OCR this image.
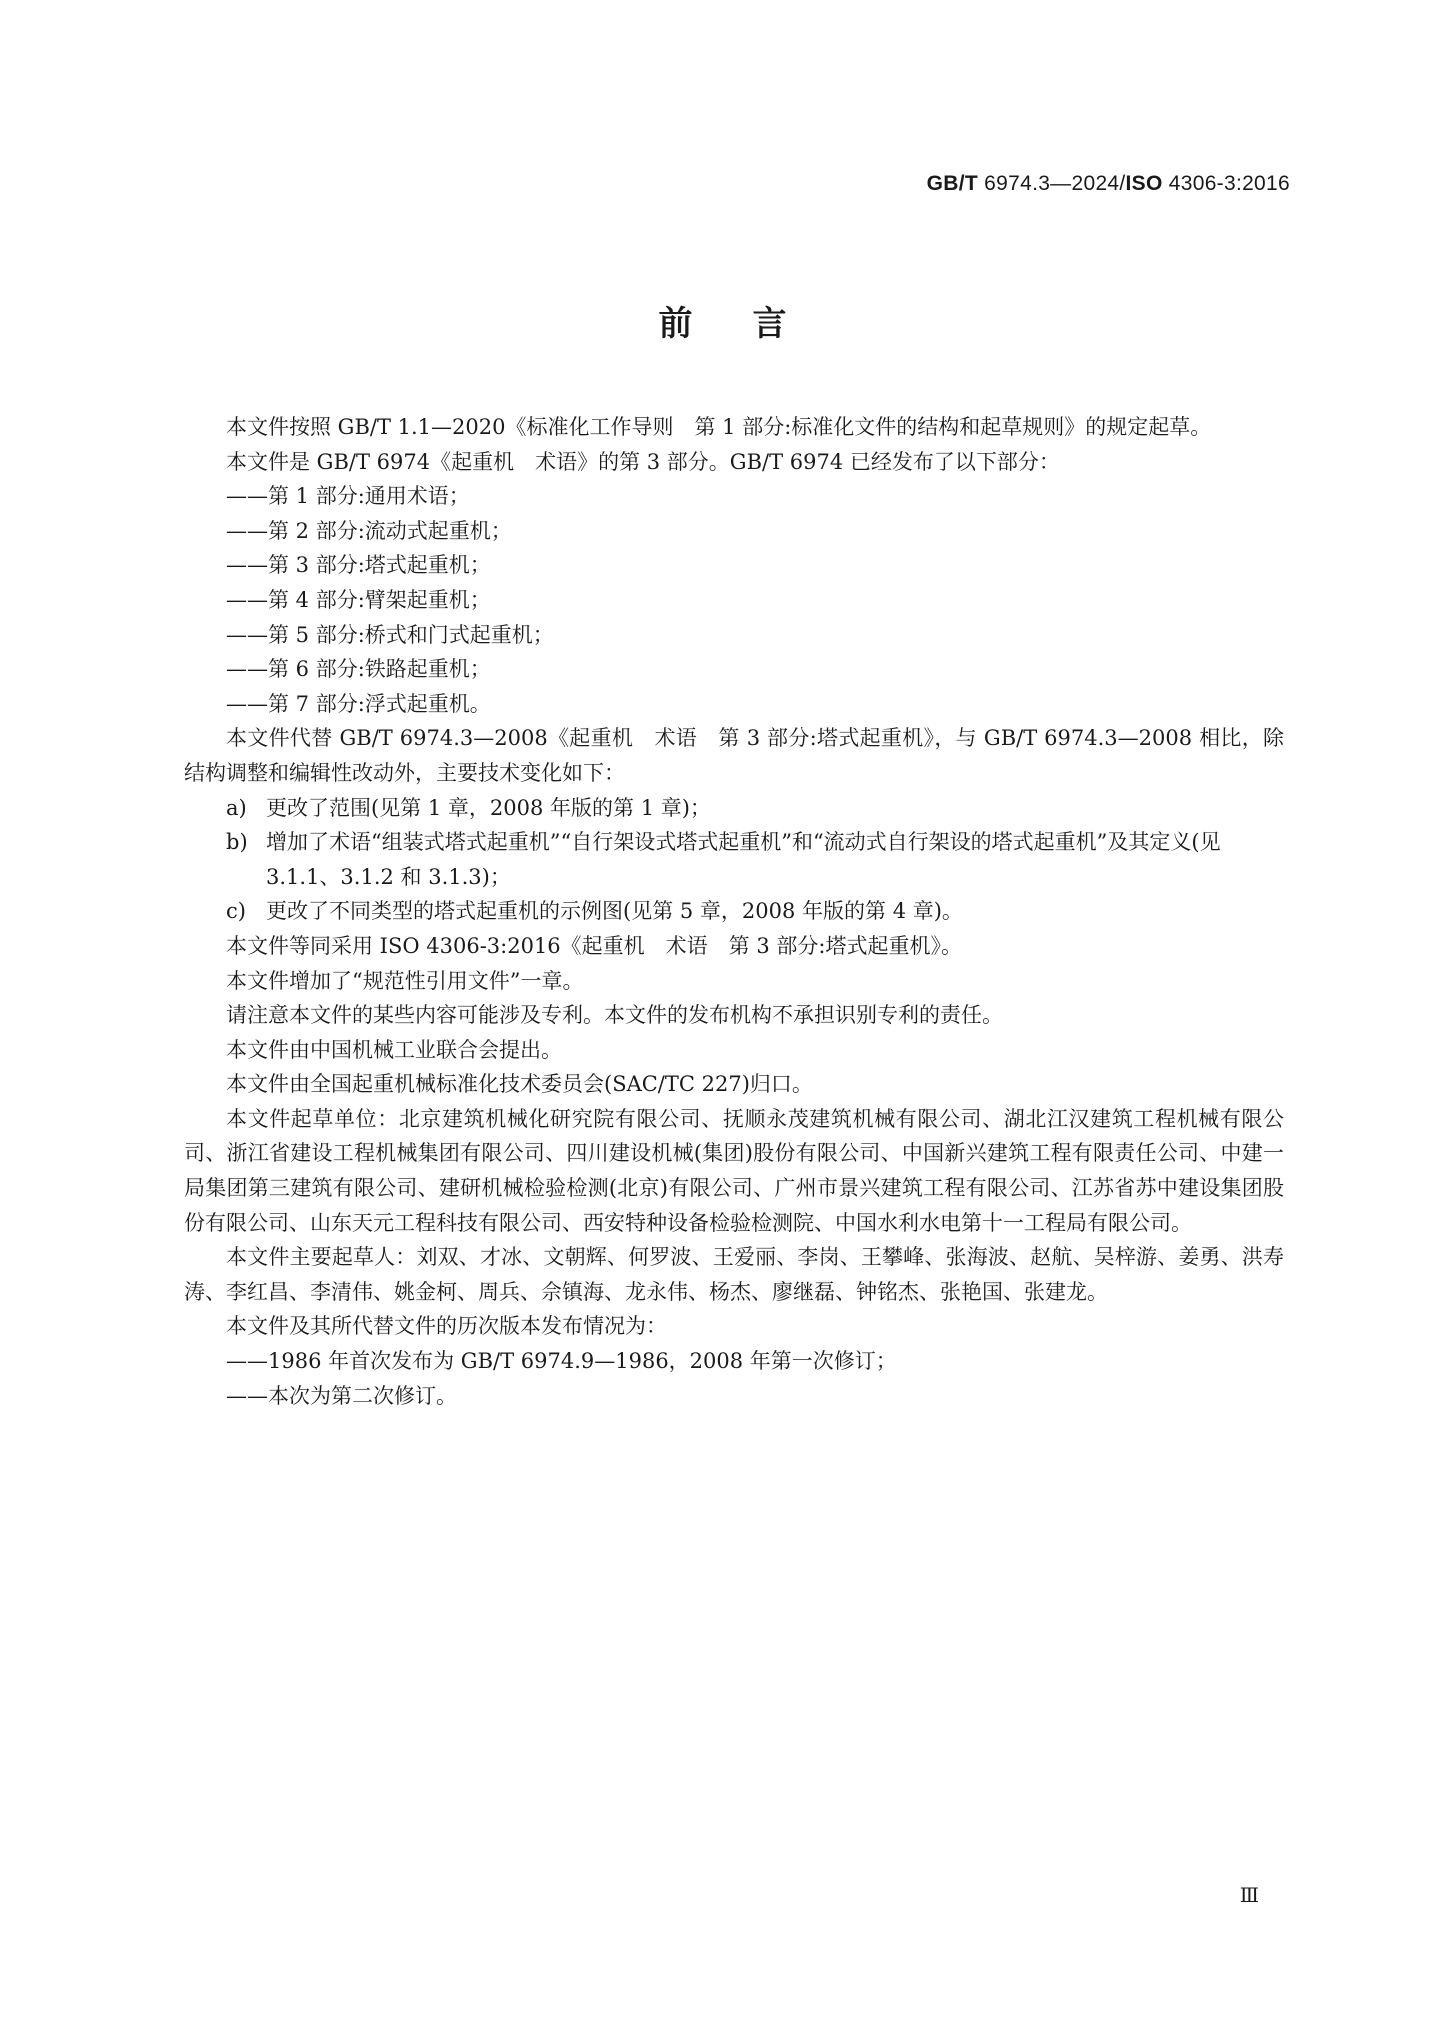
GB/T 6974.3—2024/ISO 4306-3:2016
前言

本文件按照 GB/T 1.1—2020《标准化工作导则　第 1 部分:标准化文件的结构和起草规则》的规定起草。

本文件是 GB/T 6974《起重机　术语》的第 3 部分。GB/T 6974 已经发布了以下部分：

——第 1 部分:通用术语；

——第 2 部分:流动式起重机；

——第 3 部分:塔式起重机；

——第 4 部分:臂架起重机；

——第 5 部分:桥式和门式起重机；

——第 6 部分:铁路起重机；

——第 7 部分:浮式起重机。

本文件代替 GB/T 6974.3—2008《起重机　术语　第 3 部分:塔式起重机》，与 GB/T 6974.3—2008 相比，除结构调整和编辑性改动外，主要技术变化如下：

a) 更改了范围(见第 1 章，2008 年版的第 1 章)；

b) 增加了术语“组装式塔式起重机”“自行架设式塔式起重机”和“流动式自行架设的塔式起重机”及其定义(见 3.1.1、3.1.2 和 3.1.3)；

c) 更改了不同类型的塔式起重机的示例图(见第 5 章，2008 年版的第 4 章)。

本文件等同采用 ISO 4306-3:2016《起重机　术语　第 3 部分:塔式起重机》。

本文件增加了“规范性引用文件”一章。

请注意本文件的某些内容可能涉及专利。本文件的发布机构不承担识别专利的责任。

本文件由中国机械工业联合会提出。

本文件由全国起重机械标准化技术委员会(SAC/TC 227)归口。

本文件起草单位：北京建筑机械化研究院有限公司、抚顺永茂建筑机械有限公司、湖北江汉建筑工程机械有限公司、浙江省建设工程机械集团有限公司、四川建设机械(集团)股份有限公司、中国新兴建筑工程有限责任公司、中建一局集团第三建筑有限公司、建研机械检验检测(北京)有限公司、广州市景兴建筑工程有限公司、江苏省苏中建设集团股份有限公司、山东天元工程科技有限公司、西安特种设备检验检测院、中国水利水电第十一工程局有限公司。

本文件主要起草人：刘双、才冰、文朝辉、何罗波、王爱丽、李岗、王攀峰、张海波、赵航、吴梓游、姜勇、洪寿涛、李红昌、李清伟、姚金柯、周兵、佘镇海、龙永伟、杨杰、廖继磊、钟铭杰、张艳国、张建龙。

本文件及其所代替文件的历次版本发布情况为：

——1986 年首次发布为 GB/T 6974.9—1986，2008 年第一次修订；

——本次为第二次修订。

Ⅲ
